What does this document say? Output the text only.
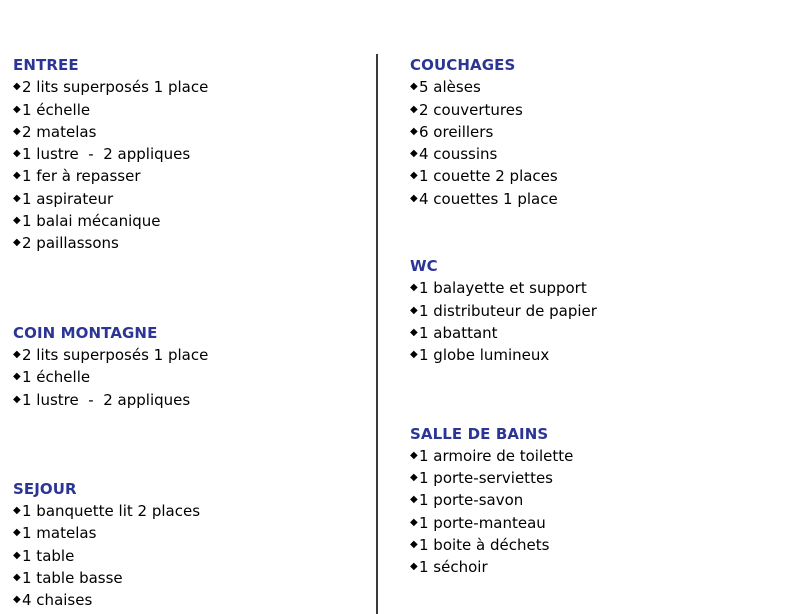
ENTREE
◆ 2 lits superposés 1 place
◆ 1 échelle
◆ 2 matelas
◆ 1 lustre  -  2 appliques
◆ 1 fer à repasser
◆ 1 aspirateur
◆ 1 balai mécanique
◆ 2 paillassons
COIN MONTAGNE
◆ 2 lits superposés 1 place
◆ 1 échelle
◆ 1 lustre  -  2 appliques
SEJOUR
◆ 1 banquette lit 2 places
◆ 1 matelas
◆ 1 table
◆ 1 table basse
◆ 4 chaises
COUCHAGES
◆ 5 alèses
◆ 2 couvertures
◆ 6 oreillers
◆ 4 coussins
◆ 1 couette 2 places
◆ 4 couettes 1 place
WC
◆ 1 balayette et support
◆ 1 distributeur de papier
◆ 1 abattant
◆ 1 globe lumineux
SALLE DE BAINS
◆ 1 armoire de toilette
◆ 1 porte-serviettes
◆ 1 porte-savon
◆ 1 porte-manteau
◆ 1 boite à déchets
◆ 1 séchoir
